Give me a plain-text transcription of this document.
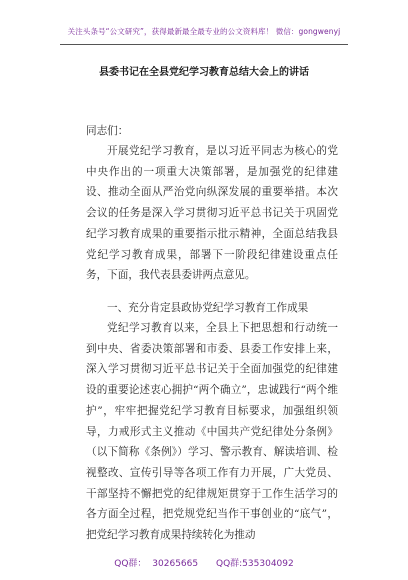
关注头条号“公文研究”，获得最新最全最专业的公文资料库！ 微信：gongwenyj
县委书记在全县党纪学习教育总结大会上的讲话
同志们：
开展党纪学习教育，是以习近平同志为核心的党中央作出的一项重大决策部署，是加强党的纪律建设、推动全面从严治党向纵深发展的重要举措。本次会议的任务是深入学习贯彻习近平总书记关于巩固党纪学习教育成果的重要指示批示精神，全面总结我县党纪学习教育成果，部署下一阶段纪律建设重点任务，下面，我代表县委讲两点意见。
一、充分肯定县政协党纪学习教育工作成果
党纪学习教育以来，全县上下把思想和行动统一到中央、省委决策部署和市委、县委工作安排上来，深入学习贯彻习近平总书记关于全面加强党的纪律建设的重要论述衷心拥护“两个确立”，忠诚践行“两个维护”，牢牢把握党纪学习教育目标要求，加强组织领导，力戒形式主义推动《中国共产党纪律处分条例》（以下简称《条例》）学习、警示教育、解读培训、检视整改、宣传引导等各项工作有力开展，广大党员、干部坚持不懈把党的纪律规矩贯穿于工作生活学习的各方面全过程，把党规党纪当作干事创业的“底气”，把党纪学习教育成果持续转化为推动
QQ群： 30265665 QQ群:535304092
